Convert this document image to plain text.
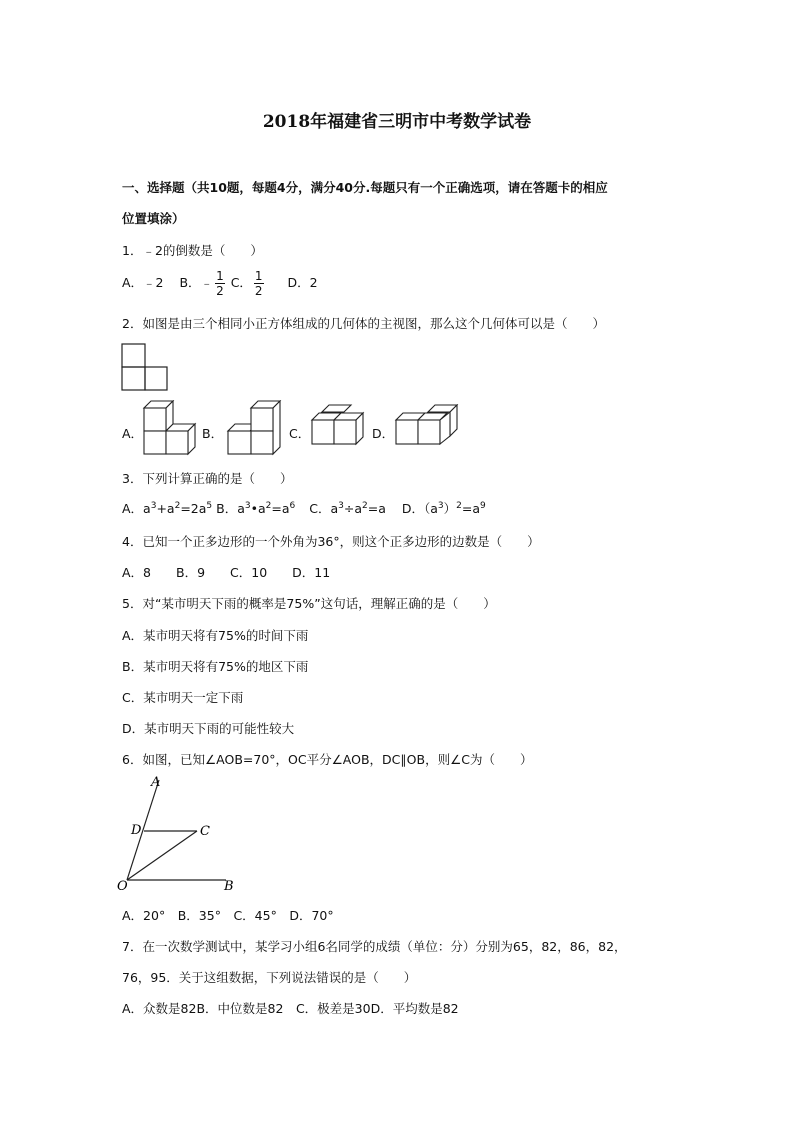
2018年福建省三明市中考数学试卷
一、选择题（共10题，每题4分，满分40分.每题只有一个正确选项，请在答题卡的相应
位置填涂）
1．﹣2的倒数是（　　）
A．﹣2 B．﹣ $\frac{1}{2}$ C． $\frac{1}{2}$ D．2
2．如图是由三个相同小正方体组成的几何体的主视图，那么这个几何体可以是（　　）
A．	B．	C．	D．
3．下列计算正确的是（　　）
A．$a^3+a^2=2a^5$ B．$a^3•a^2=a^6$ C．$a^3\div a^2=a$ D．$(a^3)^2=a^9$
4．已知一个正多边形的一个外角为36°，则这个正多边形的边数是（　　）
A．8　　B．9　　C．10　　D．11
5．对“某市明天下雨的概率是75%”这句话，理解正确的是（　　）
A．某市明天将有75%的时间下雨
B．某市明天将有75%的地区下雨
C．某市明天一定下雨
D．某市明天下雨的可能性较大
6．如图，已知∠AOB=70°，OC平分∠AOB，DC∥OB，则∠C为（　　）
A
D	C
O	B
A．20°　B．35°　C．45°　D．70°
7．在一次数学测试中，某学习小组6名同学的成绩（单位：分）分别为65，82，86，82，
76，95．关于这组数据，下列说法错误的是（　　）
A．众数是82B．中位数是82　C．极差是30D．平均数是82
